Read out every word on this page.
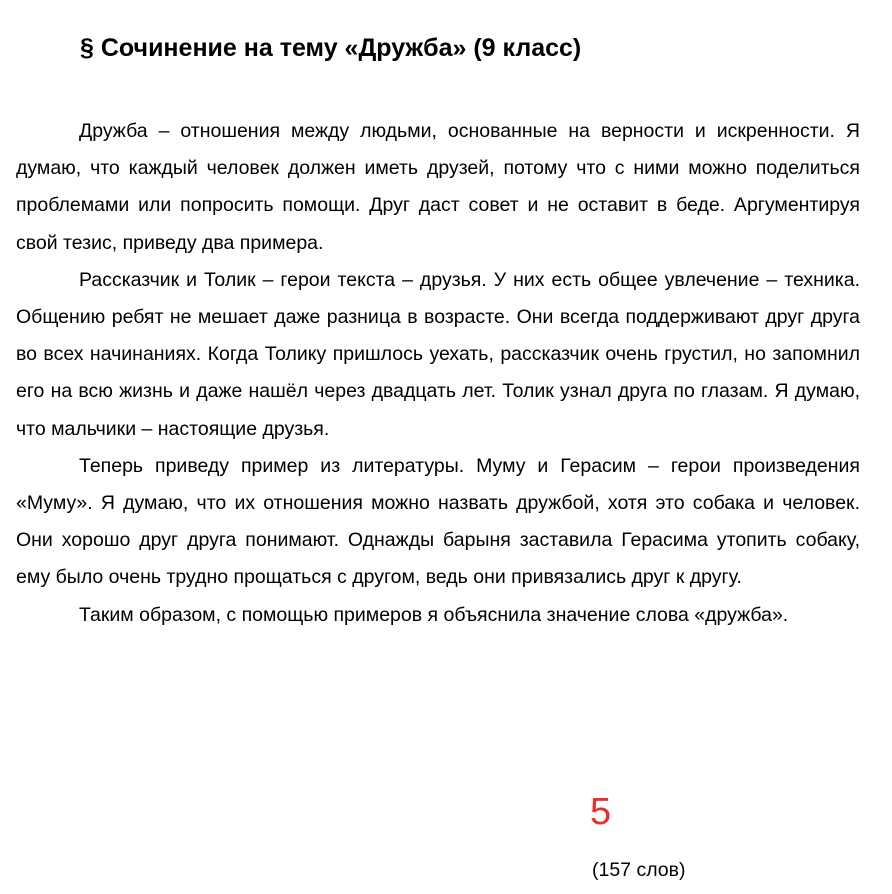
§ Сочинение на тему «Дружба» (9 класс)

Дружба – отношения между людьми, основанные на верности и искренности. Я думаю, что каждый человек должен иметь друзей, потому что с ними можно поделиться проблемами или попросить помощи. Друг даст совет и не оставит в беде. Аргументируя свой тезис, приведу два примера.

Рассказчик и Толик – герои текста – друзья. У них есть общее увлечение – техника. Общению ребят не мешает даже разница в возрасте. Они всегда поддерживают друг друга во всех начинаниях. Когда Толику пришлось уехать, рассказчик очень грустил, но запомнил его на всю жизнь и даже нашёл через двадцать лет. Толик узнал друга по глазам. Я думаю, что мальчики – настоящие друзья.

Теперь приведу пример из литературы. Муму и Герасим – герои произведения «Муму». Я думаю, что их отношения можно назвать дружбой, хотя это собака и человек. Они хорошо друг друга понимают. Однажды барыня заставила Герасима утопить собаку, ему было очень трудно прощаться с другом, ведь они привязались друг к другу.

Таким образом, с помощью примеров я объяснила значение слова «дружба».

5
(157 слов)
